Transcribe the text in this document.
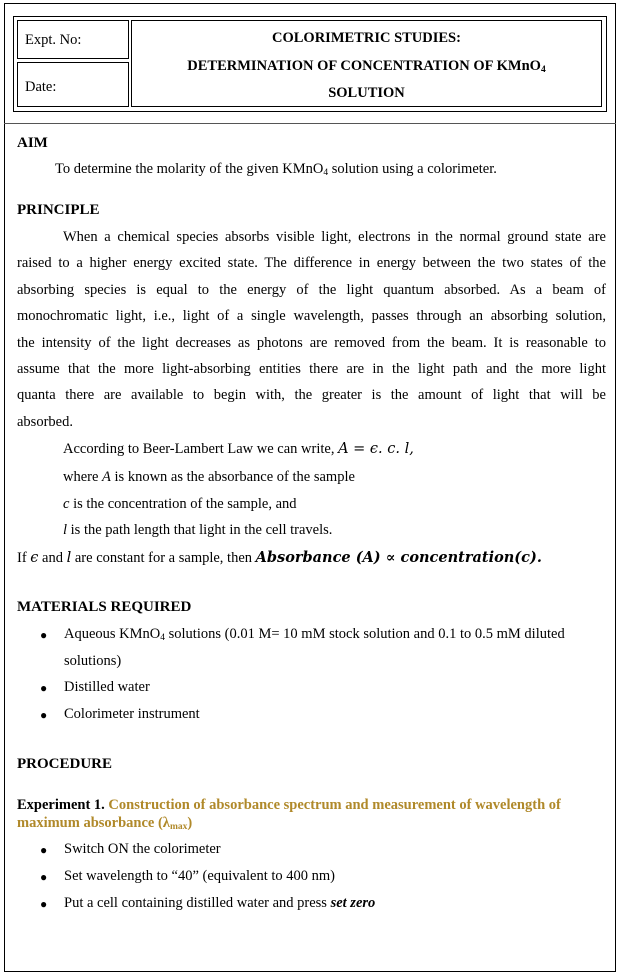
Expt. No:
Date:
COLORIMETRIC STUDIES:
DETERMINATION OF CONCENTRATION OF KMnO$_4$
SOLUTION
AIM
To determine the molarity of the given KMnO$_4$ solution using a colorimeter.
PRINCIPLE
When a chemical species absorbs visible light, electrons in the normal ground state are
raised to a higher energy excited state. The difference in energy between the two states of the
absorbing species is equal to the energy of the light quantum absorbed. As a beam of
monochromatic light, i.e., light of a single wavelength, passes through an absorbing solution,
the intensity of the light decreases as photons are removed from the beam. It is reasonable to
assume that the more light-absorbing entities there are in the light path and the more light
quanta there are available to begin with, the greater is the amount of light that will be
absorbed.
According to Beer-Lambert Law we can write, A = ϵ. c. l,
where A is known as the absorbance of the sample
c is the concentration of the sample, and
l is the path length that light in the cell travels.
If ϵ and l are constant for a sample, then Absorbance (A) ∝ concentration(c).
MATERIALS REQUIRED
● Aqueous KMnO$_4$ solutions (0.01 M= 10 mM stock solution and 0.1 to 0.5 mM diluted
solutions)
● Distilled water
● Colorimeter instrument
PROCEDURE
Experiment 1. Construction of absorbance spectrum and measurement of wavelength of
maximum absorbance $(\lambda_{max})$
● Switch ON the colorimeter
● Set wavelength to “40” (equivalent to 400 nm)
● Put a cell containing distilled water and press set zero
